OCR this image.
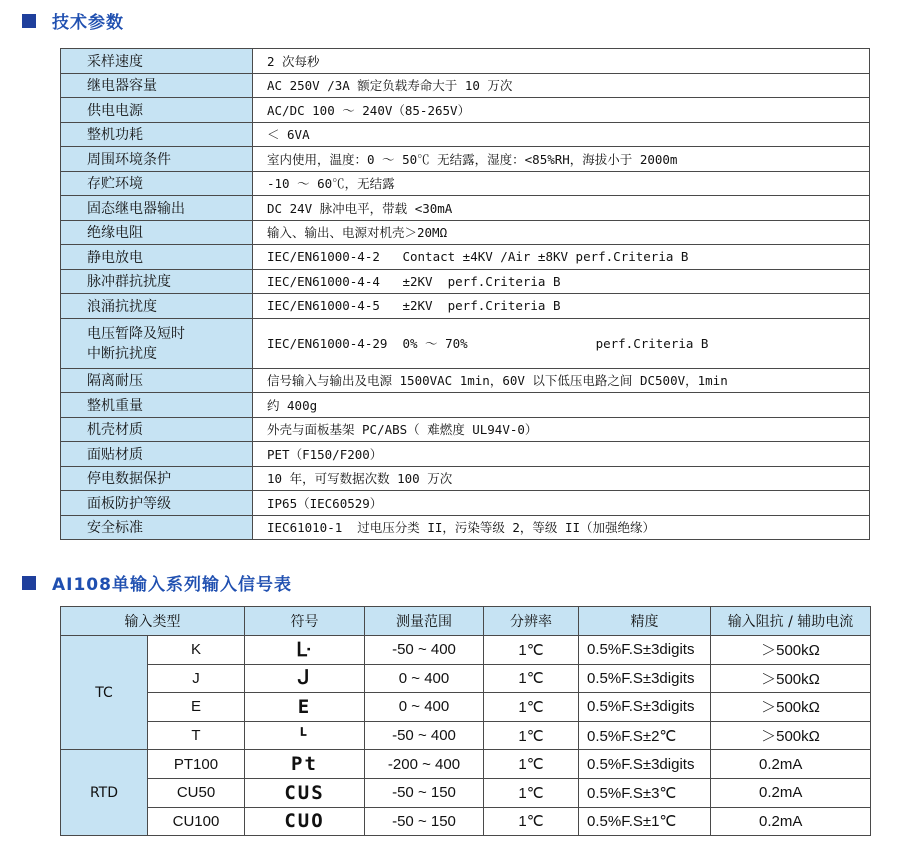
技术参数
采样速度	2 次每秒

继电器容量	AC 250V /3A 额定负载寿命大于 10 万次

供电电源	AC/DC 100 ～ 240V（85-265V）

整机功耗	＜ 6VA

周围环境条件	室内使用，温度：0 ～ 50℃ 无结露，湿度：<85%RH，海拔小于 2000m

存贮环境	-10 ～ 60℃，无结露

固态继电器输出	DC 24V 脉冲电平，带载 <30mA

绝缘电阻	输入、输出、电源对机壳＞20MΩ

静电放电	IEC/EN61000-4-2   Contact ±4KV /Air ±8KV perf.Criteria B

脉冲群抗扰度	IEC/EN61000-4-4   ±2KV  perf.Criteria B

浪涌抗扰度	IEC/EN61000-4-5   ±2KV  perf.Criteria B

电压暂降及短时
中断抗扰度	IEC/EN61000-4-29  0% ～ 70%                 perf.Criteria B

隔离耐压	信号输入与输出及电源 1500VAC 1min，60V 以下低压电路之间 DC500V，1min

整机重量	约 400g

机壳材质	外壳与面板基架 PC/ABS（ 难燃度 UL94V-0）

面贴材质	PET（F150/F200）

停电数据保护	10 年，可写数据次数 100 万次

面板防护等级	IP65（IEC60529）

安全标准	IEC61010-1  过电压分类 II，污染等级 2，等级 II（加强绝缘）
AI108单输入系列输入信号表
输入类型		符号	测量范围	分辨率	精度	输入阻抗 / 辅助电流
TC	K	ᒷ	-50 ~ 400	1℃	0.5%F.S±3digits	＞500kΩ
	J	ᒍ	0 ~ 400	1℃	0.5%F.S±3digits	＞500kΩ
	E	E	0 ~ 400	1℃	0.5%F.S±3digits	＞500kΩ
	T	ᒻ	-50 ~ 400	1℃	0.5%F.S±2℃	＞500kΩ
RTD	PT100	Pt	-200 ~ 400	1℃	0.5%F.S±3digits	0.2mA
	CU50	CUS	-50 ~ 150	1℃	0.5%F.S±3℃	0.2mA
	CU100	CUO	-50 ~ 150	1℃	0.5%F.S±1℃	0.2mA
